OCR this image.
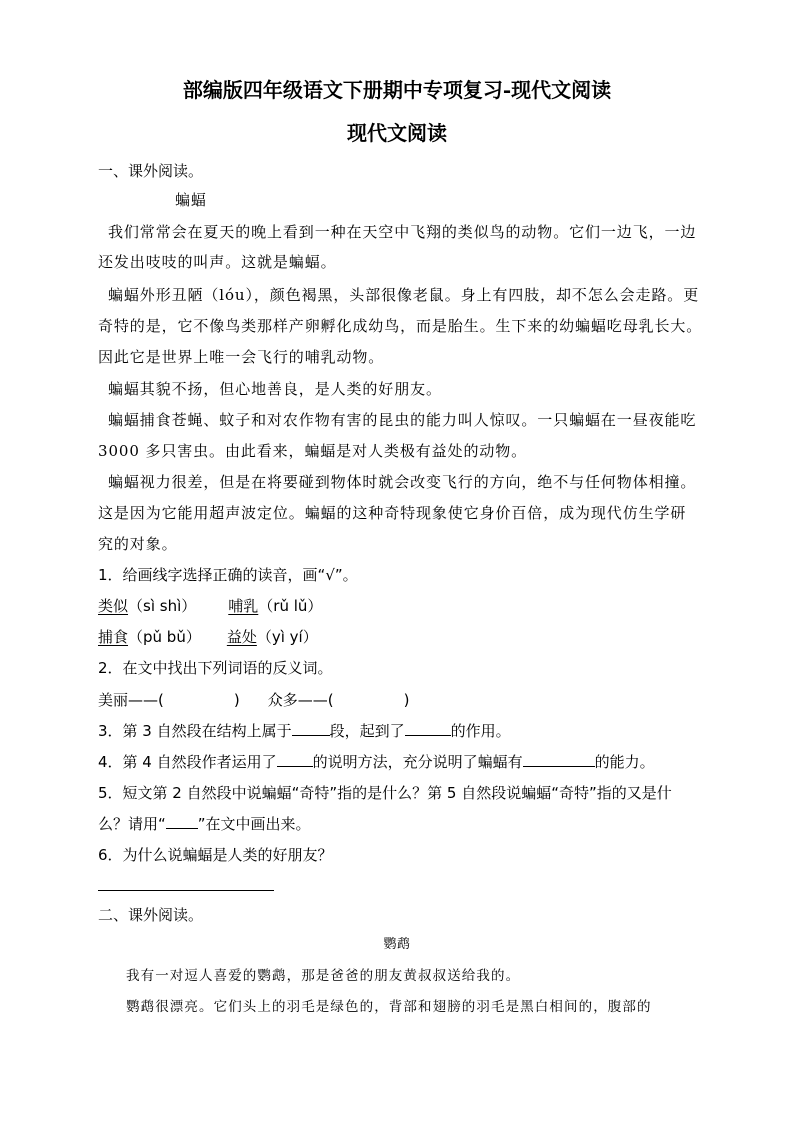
部编版四年级语文下册期中专项复习-现代文阅读
现代文阅读
一、课外阅读。
蝙蝠
我们常常会在夏天的晚上看到一种在天空中飞翔的类似鸟的动物。它们一边飞，一边
还发出吱吱的叫声。这就是蝙蝠。
蝙蝠外形丑陋（lóu），颜色褐黑，头部很像老鼠。身上有四肢，却不怎么会走路。更
奇特的是，它不像鸟类那样产卵孵化成幼鸟，而是胎生。生下来的幼蝙蝠吃母乳长大。
因此它是世界上唯一会飞行的哺乳动物。
蝙蝠其貌不扬，但心地善良，是人类的好朋友。
蝙蝠捕食苍蝇、蚊子和对农作物有害的昆虫的能力叫人惊叹。一只蝙蝠在一昼夜能吃
3000 多只害虫。由此看来，蝙蝠是对人类极有益处的动物。
蝙蝠视力很差，但是在将要碰到物体时就会改变飞行的方向，绝不与任何物体相撞。
这是因为它能用超声波定位。蝙蝠的这种奇特现象使它身价百倍，成为现代仿生学研
究的对象。
1．给画线字选择正确的读音，画“√”。
类似（sì shì） 哺乳（rǔ lǔ）
捕食（pǔ bǔ） 益处（yì yí）
2．在文中找出下列词语的反义词。
美丽——(	) 众多——(	)
3．第 3 自然段在结构上属于	段，起到了	的作用。
4．第 4 自然段作者运用了 的说明方法，充分说明了蝙蝠有	的能力。
5．短文第 2 自然段中说蝙蝠“奇特”指的是什么？第 5 自然段说蝙蝠“奇特”指的又是什
么？请用“ ”在文中画出来。
6．为什么说蝙蝠是人类的好朋友？
二、课外阅读。
鹦鹉
我有一对逗人喜爱的鹦鹉，那是爸爸的朋友黄叔叔送给我的。
鹦鹉很漂亮。它们头上的羽毛是绿色的，背部和翅膀的羽毛是黑白相间的，腹部的
